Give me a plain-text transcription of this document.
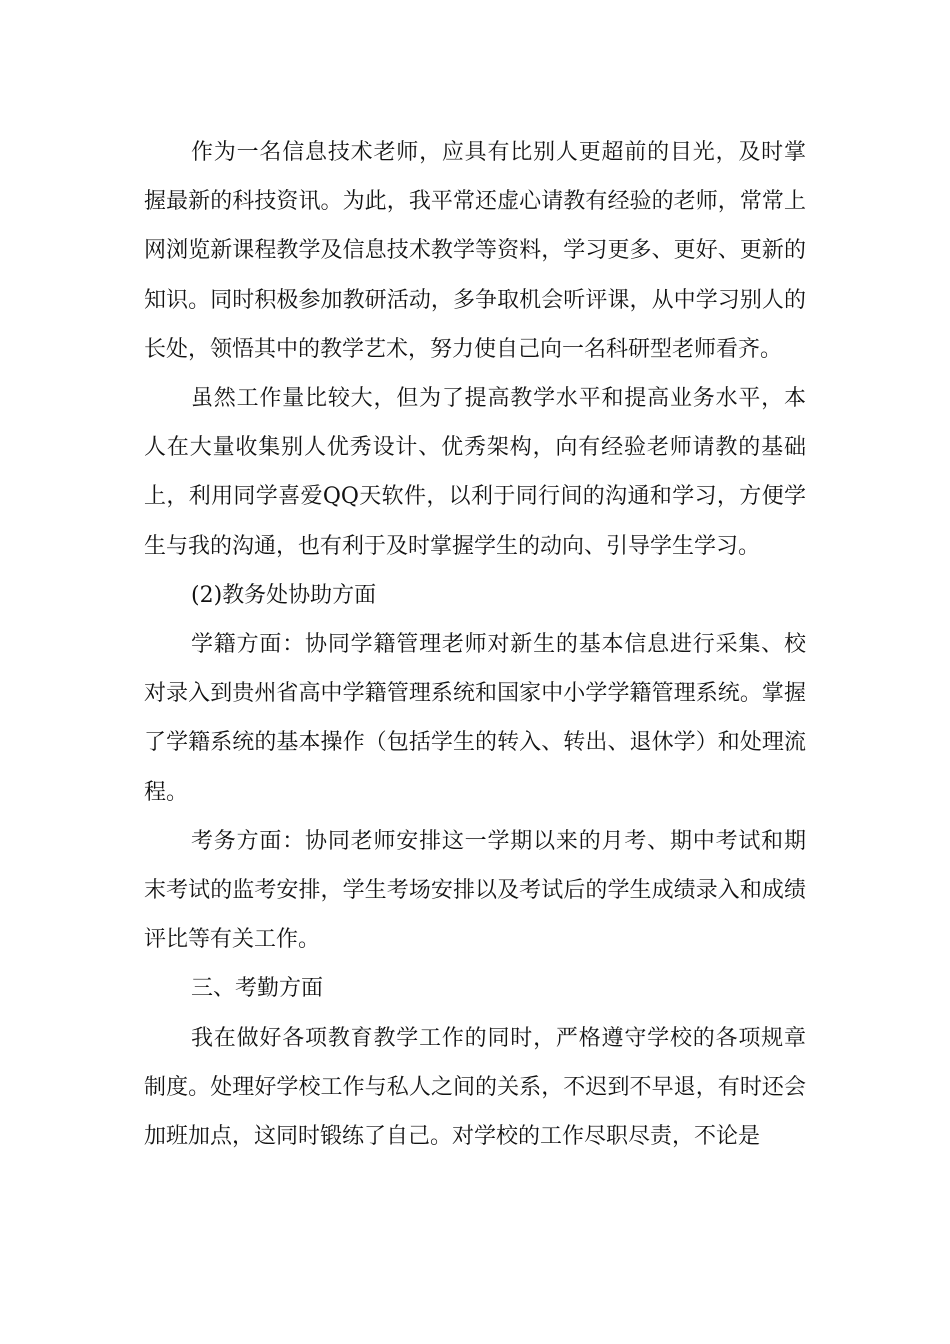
作为一名信息技术老师，应具有比别人更超前的目光，及时掌握最新的科技资讯。为此，我平常还虚心请教有经验的老师，常常上网浏览新课程教学及信息技术教学等资料，学习更多、更好、更新的知识。同时积极参加教研活动，多争取机会听评课，从中学习别人的长处，领悟其中的教学艺术，努力使自己向一名科研型老师看齐。

虽然工作量比较大，但为了提高教学水平和提高业务水平，本人在大量收集别人优秀设计、优秀架构，向有经验老师请教的基础上，利用同学喜爱QQ天软件，以利于同行间的沟通和学习，方便学生与我的沟通，也有利于及时掌握学生的动向、引导学生学习。

(2)教务处协助方面

学籍方面：协同学籍管理老师对新生的基本信息进行采集、校对录入到贵州省高中学籍管理系统和国家中小学学籍管理系统。掌握了学籍系统的基本操作（包括学生的转入、转出、退休学）和处理流程。

考务方面：协同老师安排这一学期以来的月考、期中考试和期末考试的监考安排，学生考场安排以及考试后的学生成绩录入和成绩评比等有关工作。

三、考勤方面

我在做好各项教育教学工作的同时，严格遵守学校的各项规章制度。处理好学校工作与私人之间的关系，不迟到不早退，有时还会加班加点，这同时锻练了自己。对学校的工作尽职尽责，不论是
